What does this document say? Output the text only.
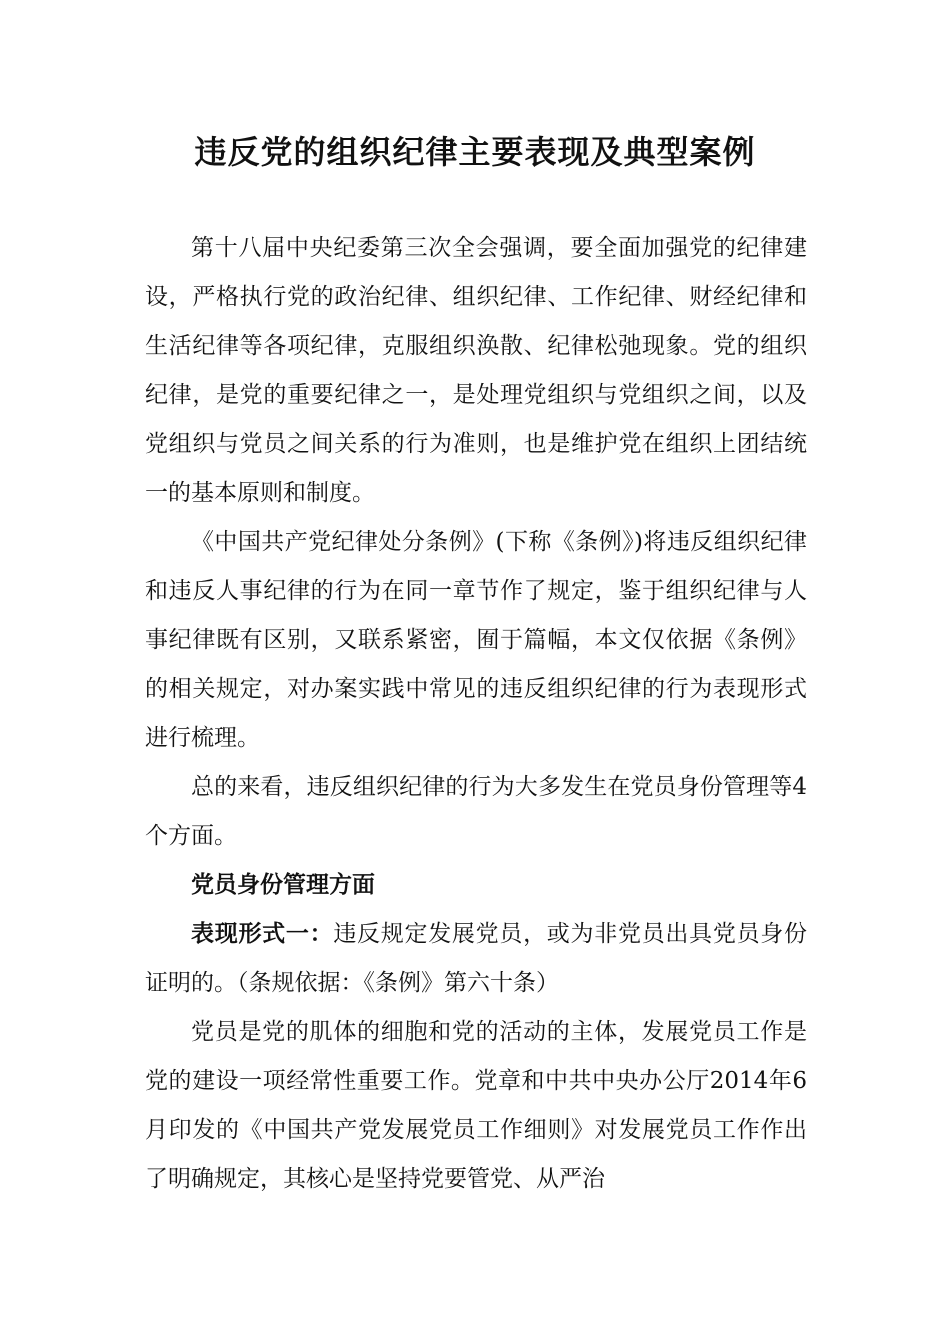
违反党的组织纪律主要表现及典型案例

第十八届中央纪委第三次全会强调，要全面加强党的纪律建设，严格执行党的政治纪律、组织纪律、工作纪律、财经纪律和生活纪律等各项纪律，克服组织涣散、纪律松弛现象。党的组织纪律，是党的重要纪律之一，是处理党组织与党组织之间，以及党组织与党员之间关系的行为准则，也是维护党在组织上团结统一的基本原则和制度。

《中国共产党纪律处分条例》(下称《条例》)将违反组织纪律和违反人事纪律的行为在同一章节作了规定，鉴于组织纪律与人事纪律既有区别，又联系紧密，囿于篇幅，本文仅依据《条例》的相关规定，对办案实践中常见的违反组织纪律的行为表现形式进行梳理。

总的来看，违反组织纪律的行为大多发生在党员身份管理等4个方面。

党员身份管理方面

表现形式一：违反规定发展党员，或为非党员出具党员身份证明的。（条规依据：《条例》第六十条）

党员是党的肌体的细胞和党的活动的主体，发展党员工作是党的建设一项经常性重要工作。党章和中共中央办公厅2014年6月印发的《中国共产党发展党员工作细则》对发展党员工作作出了明确规定，其核心是坚持党要管党、从严治
